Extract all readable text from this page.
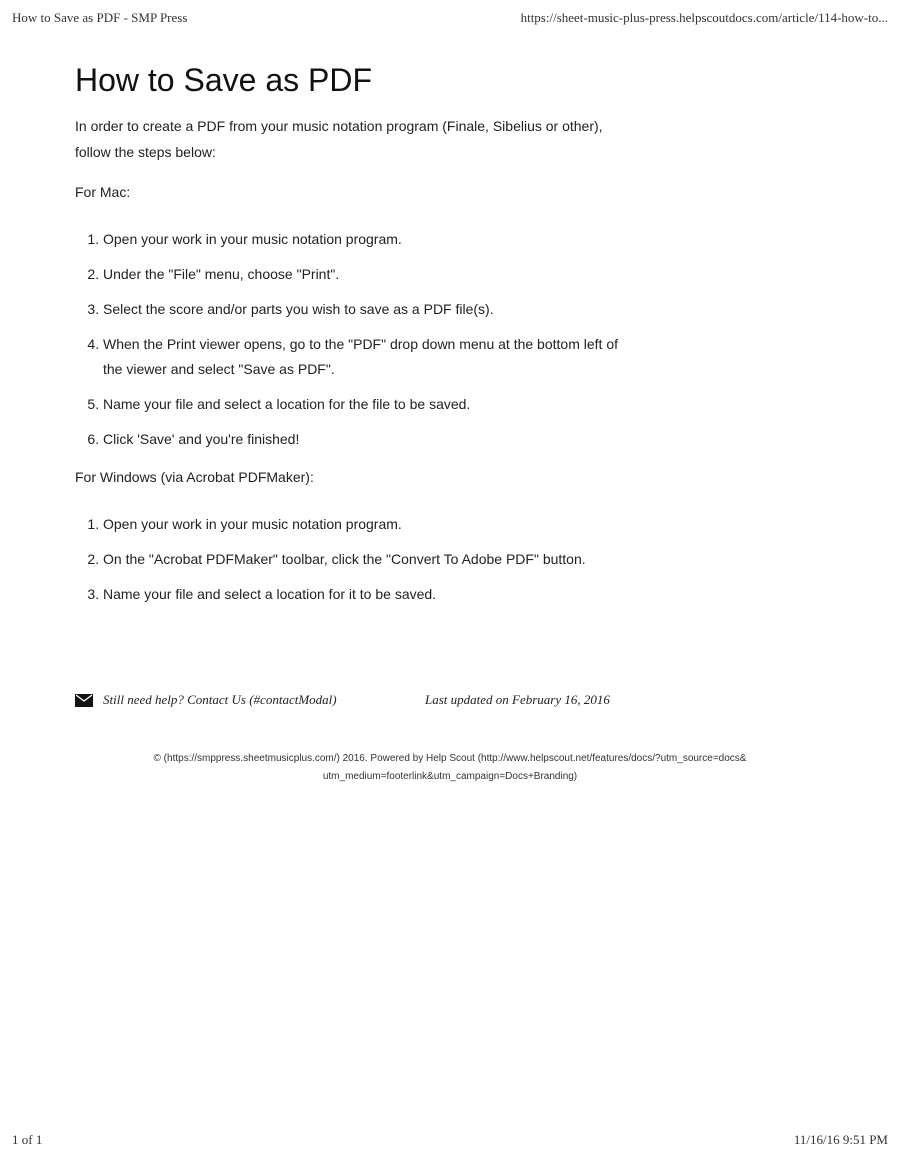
How to Save as PDF - SMP Press	https://sheet-music-plus-press.helpscoutdocs.com/article/114-how-to...
How to Save as PDF

In order to create a PDF from your music notation program (Finale, Sibelius or other), follow the steps below:

For Mac:

1. Open your work in your music notation program.
2. Under the "File" menu, choose "Print".
3. Select the score and/or parts you wish to save as a PDF file(s).
4. When the Print viewer opens, go to the "PDF" drop down menu at the bottom left of the viewer and select "Save as PDF".
5. Name your file and select a location for the file to be saved.
6. Click 'Save' and you're finished!

For Windows (via Acrobat PDFMaker):

1. Open your work in your music notation program.
2. On the "Acrobat PDFMaker" toolbar, click the "Convert To Adobe PDF" button.
3. Name your file and select a location for it to be saved.
Still need help? Contact Us (#contactModal)	Last updated on February 16, 2016
© (https://smppress.sheetmusicplus.com/) 2016. Powered by Help Scout (http://www.helpscout.net/features/docs/?utm_source=docs&
utm_medium=footerlink&utm_campaign=Docs+Branding)
1 of 1	11/16/16 9:51 PM
